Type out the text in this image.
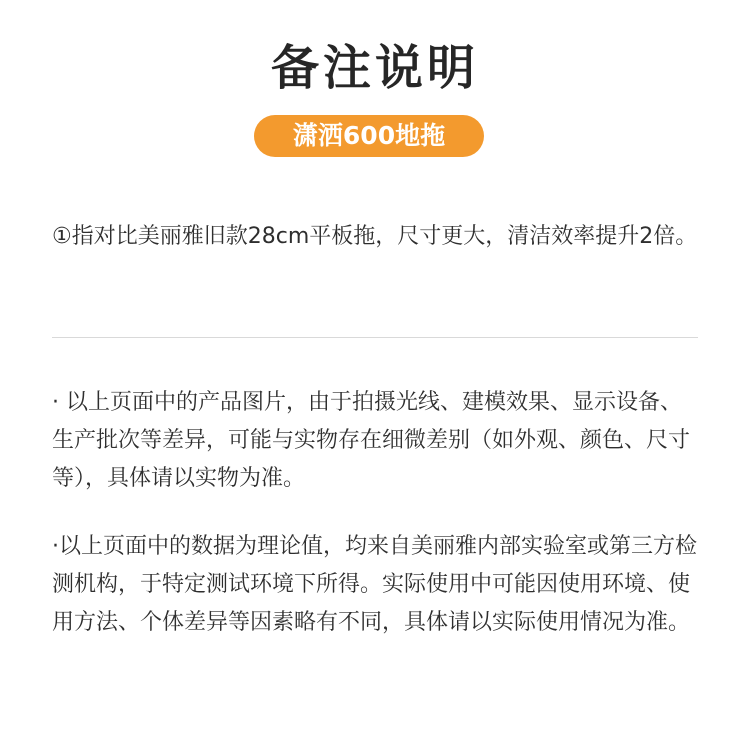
备注说明
潇洒600地拖
①指对比美丽雅旧款28cm平板拖，尺寸更大，清洁效率提升2倍。
· 以上页面中的产品图片，由于拍摄光线、建模效果、显示设备、生产批次等差异，可能与实物存在细微差别（如外观、颜色、尺寸等），具体请以实物为准。
·以上页面中的数据为理论值，均来自美丽雅内部实验室或第三方检测机构，于特定测试环境下所得。实际使用中可能因使用环境、使用方法、个体差异等因素略有不同，具体请以实际使用情况为准。
